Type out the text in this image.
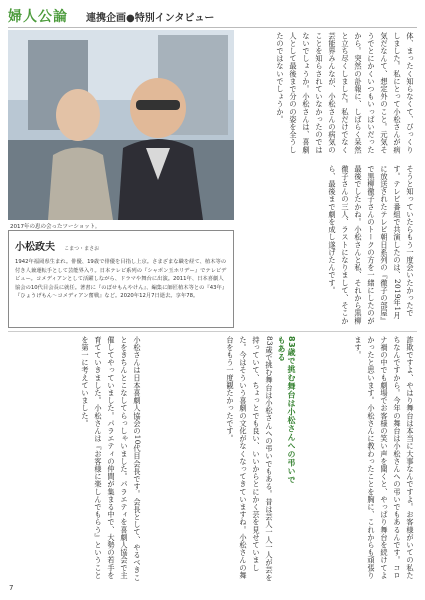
婦人公論 連携企画●特別インタビュー
2017年の恵の会ったツーショット。
小松政夫 こまつ・まさお
1942年福岡県生まれ。俳優、19歳で俳優を目指し上京。さまざまな職を経て、植木等の付き人兼運転手として芸能界入り。日本テレビ系列の『シャボン玉ホリデー』でテレビデビュー。コメディアンとして活躍しながら、ドラマや舞台に出演。2011年、日本喜劇人協会の10代目会長に就任。著書に『のぼせもんやけん』、編集に師匠植木等との『43年』『ひょうげもん〜コメディアン奮戦』など。2020年12月7日逝去。享年78。
体、まったく知らなくて、びっくりしました。私にとって小松さんが病気だなんて、想定外のこと。元気そうでとにかくいつもいっぱいだったから。突然の訃報に、しばらく呆然と立ち尽くしました。私だけでなく芸能界みんなが、小松さんの病気のことを知らされていなかったのではないでしょうか。小松さんは、喜劇人として最後まで分のの姿を全うしたのではないでしょうか。
そうと知っていたらもう一度会いたかったです。テレビ番組で共演したのは、2019年1月に放送されたテレビ朝日系列の『徹子の部屋』で黒柳徹子さんのトークの方を一緒にしたのが最後でしたかね。小松さんと私、それから黒柳徹子さんの三人、ラストになりまして、そこから、最後まで劇を成し遂げたんです。
小松さんは日本喜劇人協会の10代目会長です。会長として、やるべきことをきちんとこなしてらっしゃいました。パラエティを喜劇人協会で主催してやっていました。パラエティの仲間が集まる中で、大勢の若手を育てていきました。小松さんは『お客様に楽しんでもらう』ということを第一に考えていました。	83歳で挑む舞台は小松さんへの弔いでもある。昔は芸人一人一人が芸を持っていて、ちょっとでも良い、いいからとにかく芸を見せていました。今はそういう喜劇の文化がなくなってきていますね。小松さんの舞台をもう一度観たかったです。	83歳で挑む舞台は小松さんへの弔いでもある	詐欺ですよ、やはり舞台は本当に大事なんですよ。お客様がいての私たちなんですから。今年の舞台は小松さんへの弔いでもあるんです。コロナ禍の中でも劇場でお客様の笑い声を聞くと、やっぱり舞台を続けてよかったと思います。小松さんに教わったことを胸に、これからも頑張ります。
7
